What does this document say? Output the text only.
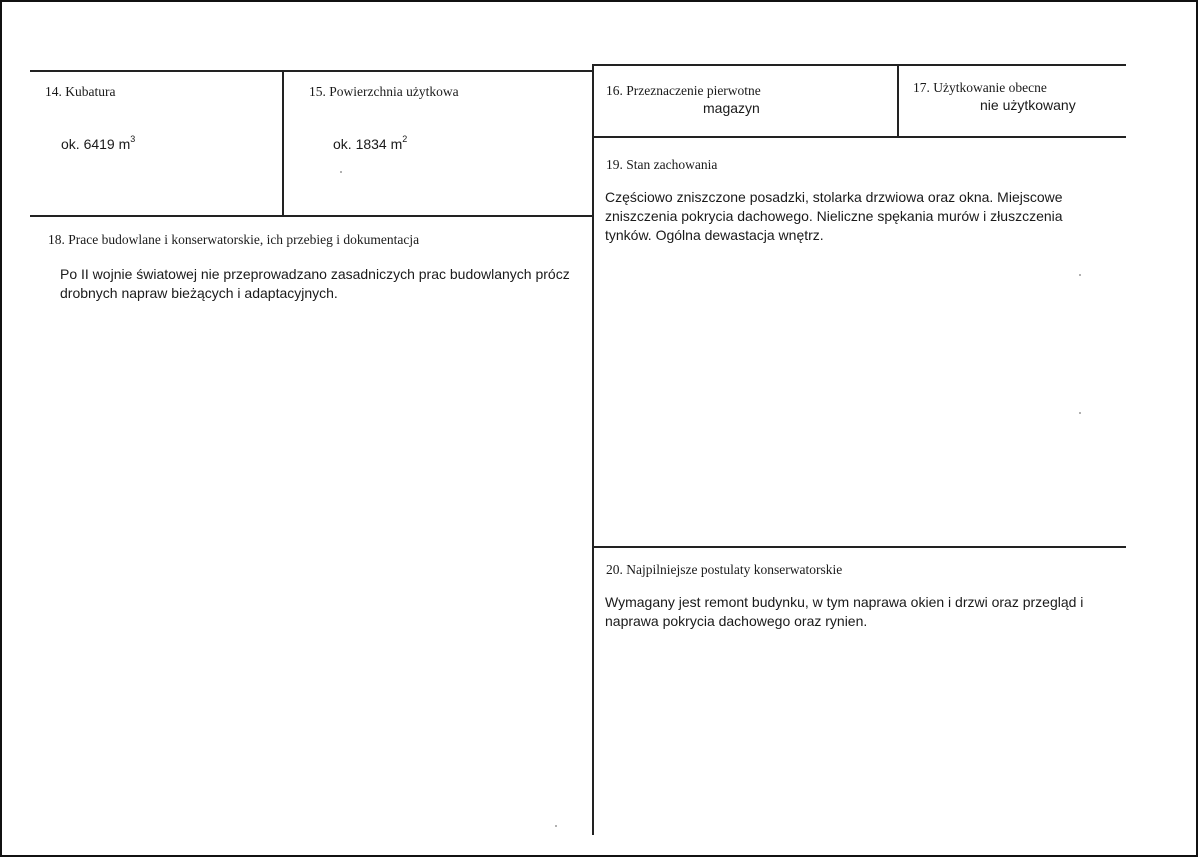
14. Kubatura
ok. 6419 $m^3$
15. Powierzchnia użytkowa
ok. 1834 $m^2$
16. Przeznaczenie pierwotne
magazyn
17. Użytkowanie obecne
nie użytkowany
18. Prace budowlane i konserwatorskie, ich przebieg i dokumentacja
Po II wojnie światowej nie przeprowadzano zasadniczych prac budowlanych prócz drobnych napraw bieżących i adaptacyjnych.
19. Stan zachowania
Częściowo zniszczone posadzki, stolarka drzwiowa oraz okna. Miejscowe zniszczenia pokrycia dachowego. Nieliczne spękania murów i złuszczenia tynków. Ogólna dewastacja wnętrz.
20. Najpilniejsze postulaty konserwatorskie
Wymagany jest remont budynku, w tym naprawa okien i drzwi oraz przegląd i naprawa pokrycia dachowego oraz rynien.
